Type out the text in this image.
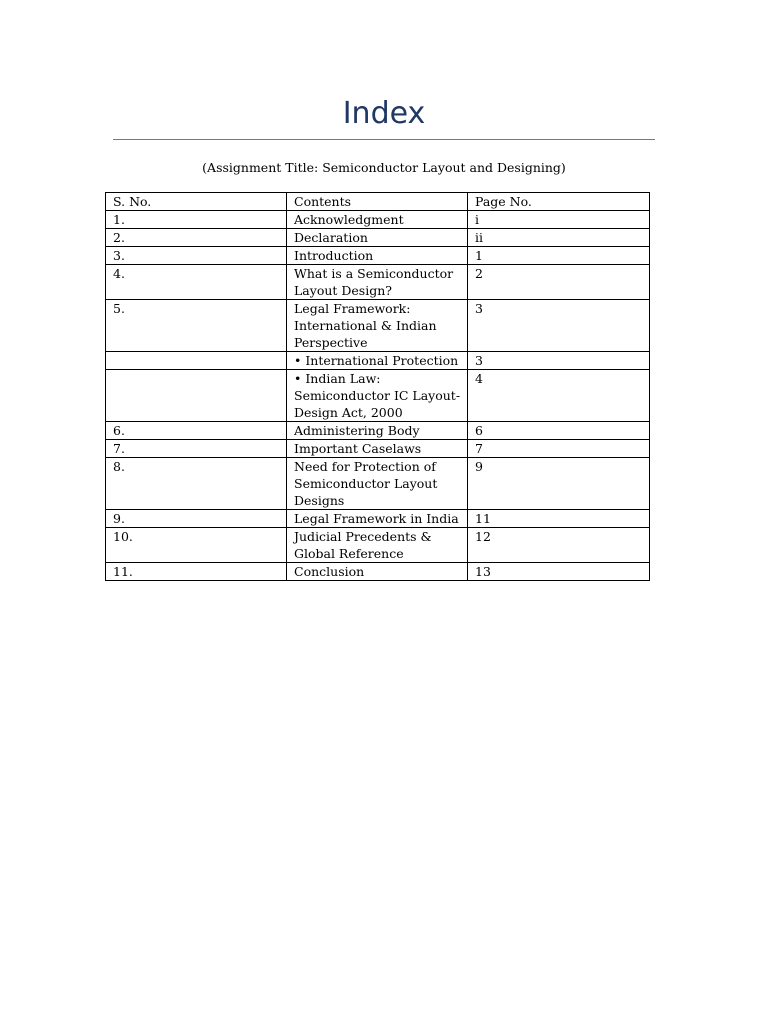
Index
(Assignment Title: Semiconductor Layout and Designing)
S. No.	Contents	Page No.
1.	Acknowledgment	i
2.	Declaration	ii
3.	Introduction	1
4.	What is a Semiconductor Layout Design?	2
5.	Legal Framework: International & Indian Perspective	3
	• International Protection	3
	• Indian Law: Semiconductor IC Layout-Design Act, 2000	4
6.	Administering Body	6
7.	Important Caselaws	7
8.	Need for Protection of Semiconductor Layout Designs	9
9.	Legal Framework in India	11
10.	Judicial Precedents & Global Reference	12
11.	Conclusion	13
